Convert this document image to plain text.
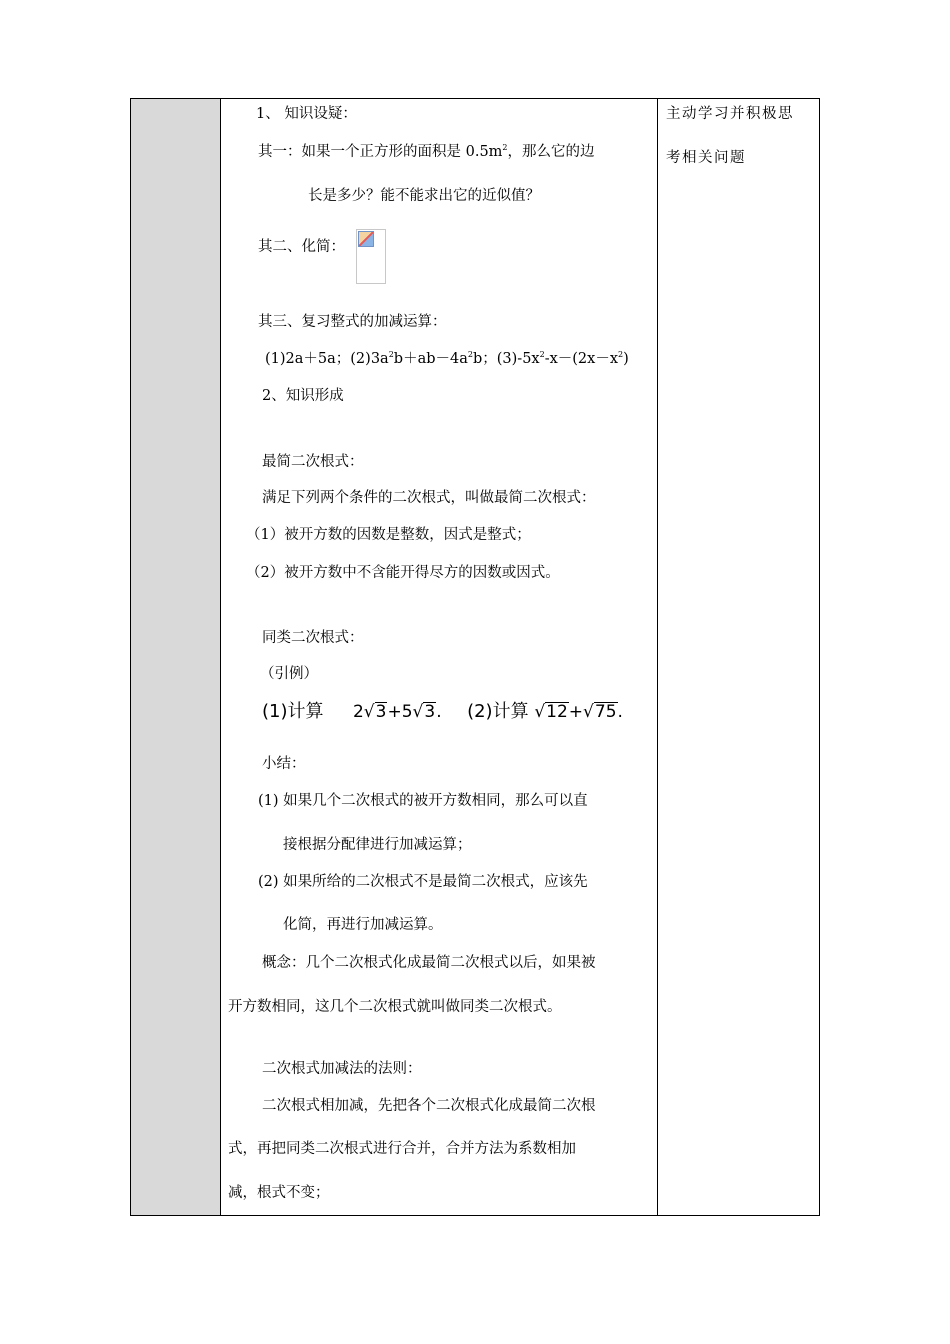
主动学习并积极思
考相关问题
1、 知识设疑：
其一：如果一个正方形的面积是 $0.5m^2$，那么它的边
长是多少？能不能求出它的近似值？
其二、化简：
其三、复习整式的加减运算：
(1)2a＋5a；$(2)3a^2b+ab-4a^2b$；$(3)-5x^2-x-(2x-x^2)$
2、知识形成
最简二次根式：
满足下列两个条件的二次根式，叫做最简二次根式：
（1）被开方数的因数是整数，因式是整式；
（2）被开方数中不含能开得尽方的因数或因式。
同类二次根式：
（引例）
(1)计算 2√3+5√3. (2)计算 √12+√75.
小结：
(1) 如果几个二次根式的被开方数相同，那么可以直
接根据分配律进行加减运算；
(2) 如果所给的二次根式不是最简二次根式，应该先
化简，再进行加减运算。
概念：几个二次根式化成最简二次根式以后，如果被
开方数相同，这几个二次根式就叫做同类二次根式。
二次根式加减法的法则：
二次根式相加减，先把各个二次根式化成最简二次根
式，再把同类二次根式进行合并，合并方法为系数相加
减，根式不变；
